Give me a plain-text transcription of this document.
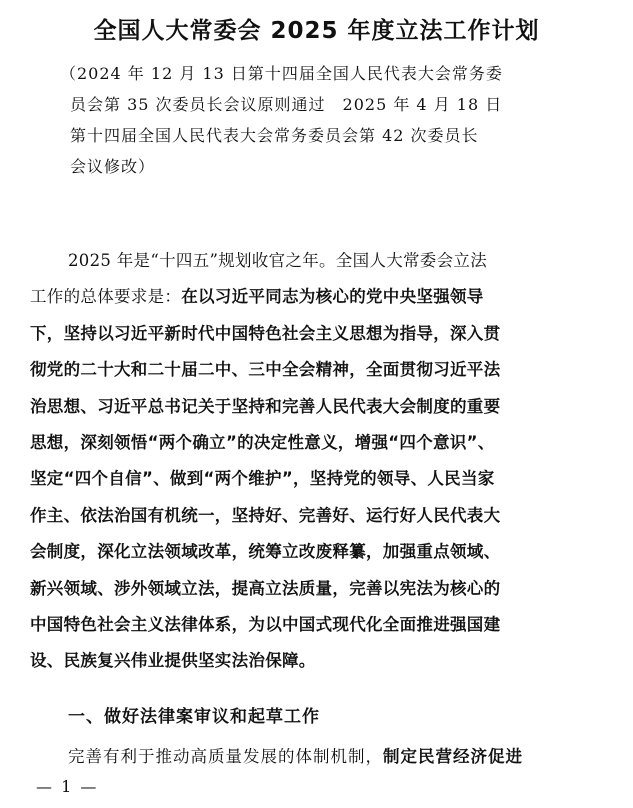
全国人大常委会 2025 年度立法工作计划
（2024 年 12 月 13 日第十四届全国人民代表大会常务委
员会第 35 次委员长会议原则通过　2025 年 4 月 18 日
第十四届全国人民代表大会常务委员会第 42 次委员长
会议修改）
2025 年是“十四五”规划收官之年。全国人大常委会立法
工作的总体要求是：在以习近平同志为核心的党中央坚强领导
下，坚持以习近平新时代中国特色社会主义思想为指导，深入贯
彻党的二十大和二十届二中、三中全会精神，全面贯彻习近平法
治思想、习近平总书记关于坚持和完善人民代表大会制度的重要
思想，深刻领悟“两个确立”的决定性意义，增强“四个意识”、
坚定“四个自信”、做到“两个维护”，坚持党的领导、人民当家
作主、依法治国有机统一，坚持好、完善好、运行好人民代表大
会制度，深化立法领域改革，统筹立改废释纂，加强重点领域、
新兴领域、涉外领域立法，提高立法质量，完善以宪法为核心的
中国特色社会主义法律体系，为以中国式现代化全面推进强国建
设、民族复兴伟业提供坚实法治保障。
一、做好法律案审议和起草工作
完善有利于推动高质量发展的体制机制，制定民营经济促进
— 1 —
